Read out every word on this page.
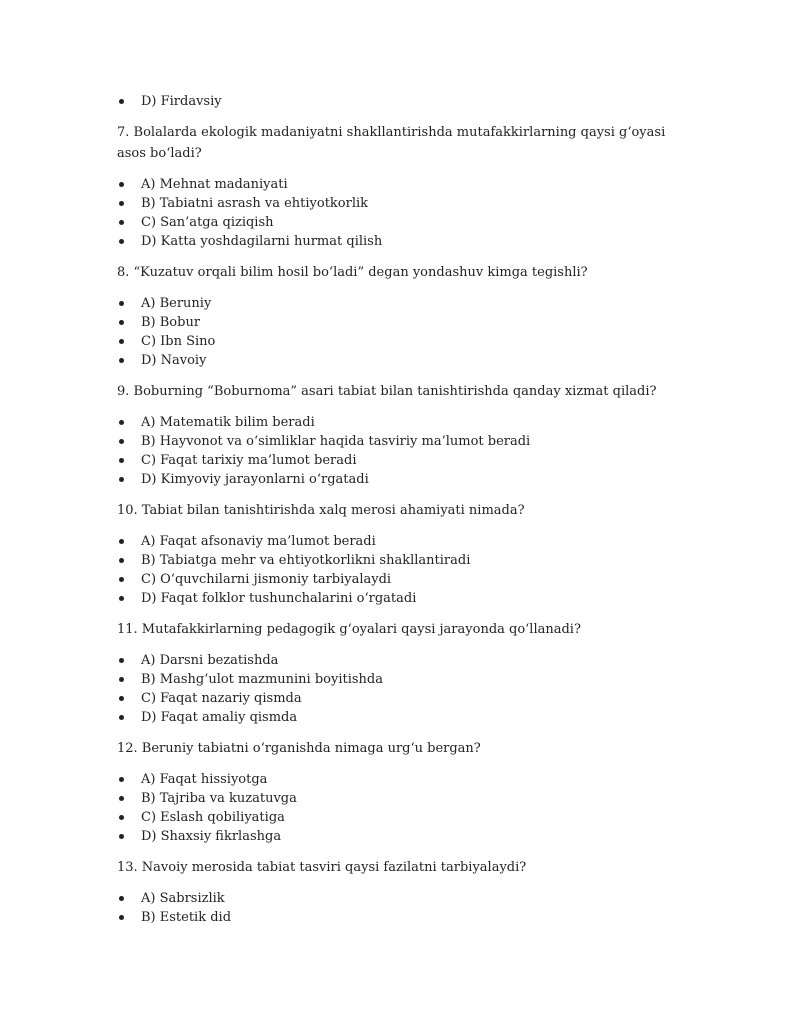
D) Firdavsiy

7. Bolalarda ekologik madaniyatni shakllantirishda mutafakkirlarning qaysi g‘oyasi asos bo‘ladi?

A) Mehnat madaniyati
B) Tabiatni asrash va ehtiyotkorlik
C) San’atga qiziqish
D) Katta yoshdagilarni hurmat qilish

8. “Kuzatuv orqali bilim hosil bo‘ladi” degan yondashuv kimga tegishli?

A) Beruniy
B) Bobur
C) Ibn Sino
D) Navoiy

9. Boburning “Boburnoma” asari tabiat bilan tanishtirishda qanday xizmat qiladi?

A) Matematik bilim beradi
B) Hayvonot va o‘simliklar haqida tasviriy ma’lumot beradi
C) Faqat tarixiy ma’lumot beradi
D) Kimyoviy jarayonlarni o‘rgatadi

10. Tabiat bilan tanishtirishda xalq merosi ahamiyati nimada?

A) Faqat afsonaviy ma’lumot beradi
B) Tabiatga mehr va ehtiyotkorlikni shakllantiradi
C) O‘quvchilarni jismoniy tarbiyalaydi
D) Faqat folklor tushunchalarini o‘rgatadi

11. Mutafakkirlarning pedagogik g‘oyalari qaysi jarayonda qo‘llanadi?

A) Darsni bezatishda
B) Mashg‘ulot mazmunini boyitishda
C) Faqat nazariy qismda
D) Faqat amaliy qismda

12. Beruniy tabiatni o‘rganishda nimaga urg‘u bergan?

A) Faqat hissiyotga
B) Tajriba va kuzatuvga
C) Eslash qobiliyatiga
D) Shaxsiy fikrlashga

13. Navoiy merosida tabiat tasviri qaysi fazilatni tarbiyalaydi?

A) Sabrsizlik
B) Estetik did
